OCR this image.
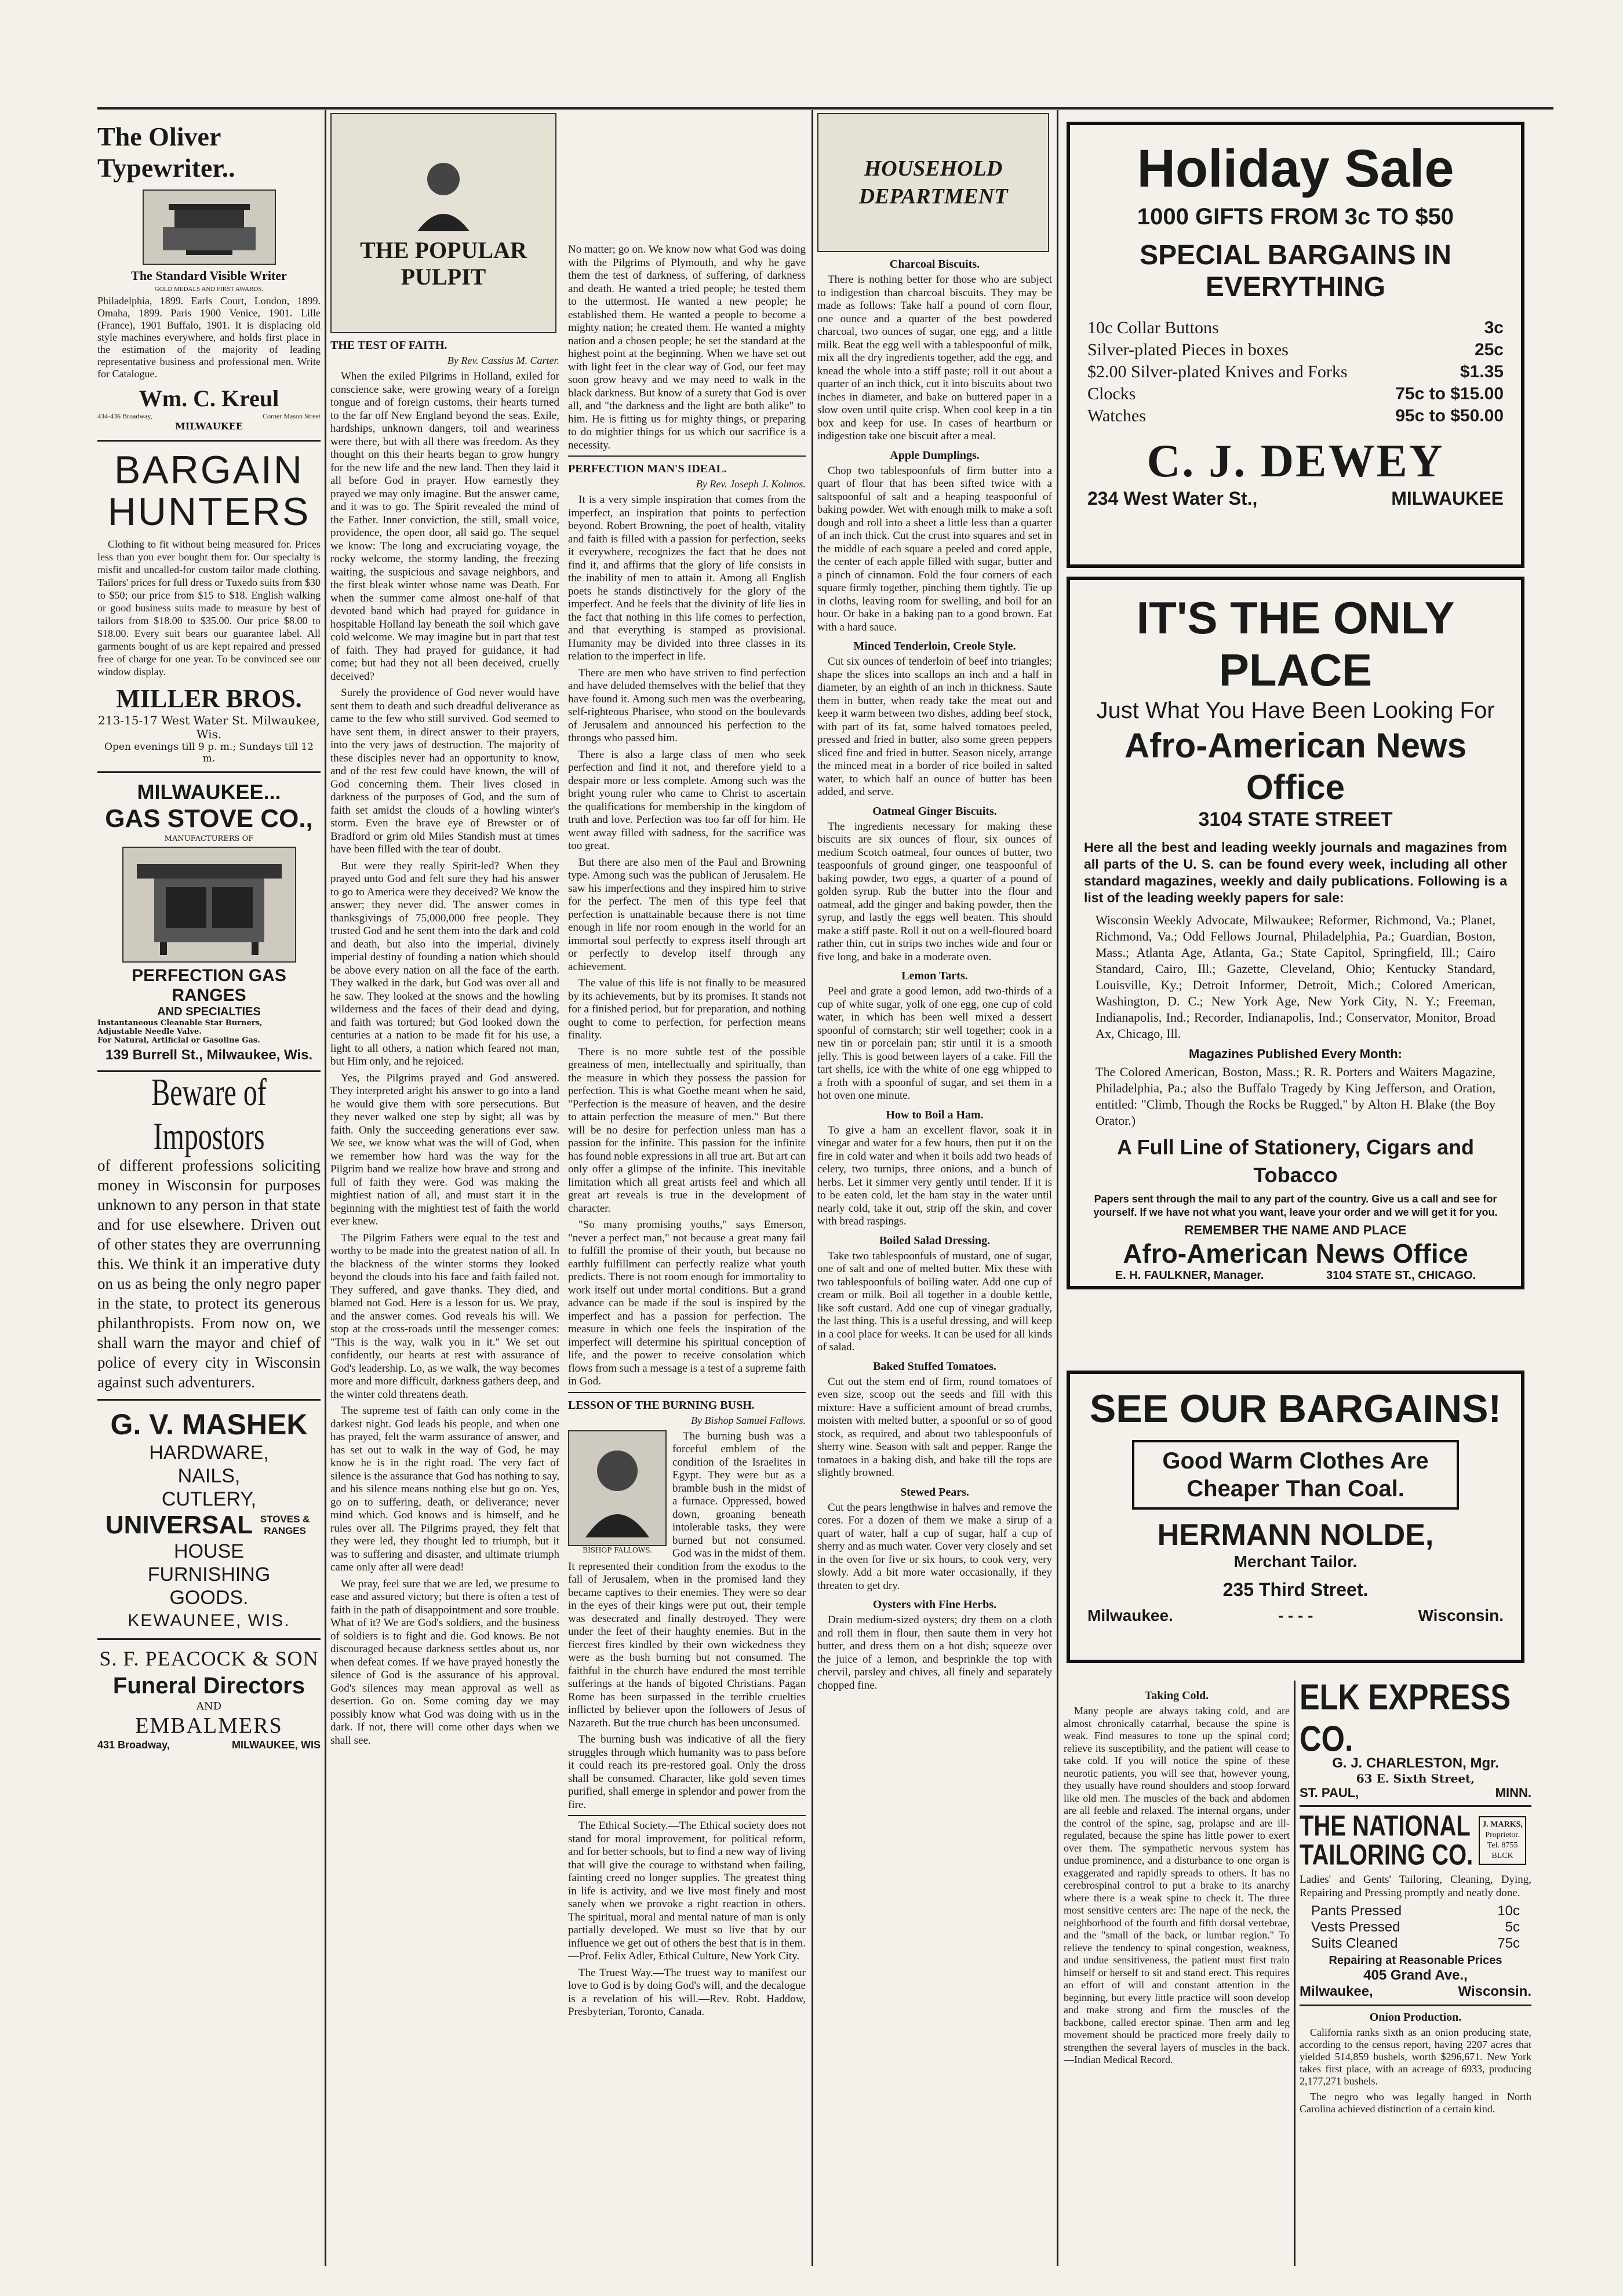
The Oliver Typewriter..
The Standard Visible Writer
GOLD MEDALS AND FIRST AWARDS.

Philadelphia, 1899. Earls Court, London, 1899. Omaha, 1899. Paris 1900 Venice, 1901. Lille (France), 1901 Buffalo, 1901. It is displacing old style machines everywhere, and holds first place in the estimation of the majority of leading representative business and professional men. Write for Catalogue.

Wm. C. Kreul
434-436 Broadway,	Corner Mason Street
MILWAUKEE
BARGAIN
HUNTERS

Clothing to fit without being measured for. Prices less than you ever bought them for. Our specialty is misfit and uncalled-for custom tailor made clothing. Tailors' prices for full dress or Tuxedo suits from $30 to $50; our price from $15 to $18. English walking or good business suits made to measure by best of tailors from $18.00 to $35.00. Our price $8.00 to $18.00. Every suit bears our guarantee label. All garments bought of us are kept repaired and pressed free of charge for one year. To be convinced see our window display.

MILLER BROS.
213-15-17 West Water St. Milwaukee, Wis.
Open evenings till 9 p. m.; Sundays till 12 m.
MILWAUKEE...
GAS STOVE CO.,
MANUFACTURERS OF
PERFECTION GAS RANGES
AND SPECIALTIES
Instantaneous Cleanable Star Burners,
Adjustable Needle Valve.
For Natural, Artificial or Gasoline Gas.
139 Burrell St., Milwaukee, Wis.
Beware of Impostors

of different professions soliciting money in Wisconsin for purposes unknown to any person in that state and for use elsewhere. Driven out of other states they are overrunning this. We think it an imperative duty on us as being the only negro paper in the state, to protect its generous philanthropists. From now on, we shall warn the mayor and chief of police of every city in Wisconsin against such adventurers.

G. V. MASHEK
HARDWARE,
NAILS,
CUTLERY,
UNIVERSAL STOVES & RANGES
HOUSE
FURNISHING
GOODS.
KEWAUNEE, WIS.
S. F. PEACOCK & SON
Funeral Directors
AND
EMBALMERS
431 Broadway,	MILWAUKEE, WIS
THE POPULAR PULPIT
THE TEST OF FAITH.
By Rev. Cassius M. Carter.

When the exiled Pilgrims in Holland, exiled for conscience sake, were growing weary of a foreign tongue and of foreign customs, their hearts turned to the far off New England beyond the seas. Exile, hardships, unknown dangers, toil and weariness were there, but with all there was freedom. As they thought on this their hearts began to grow hungry for the new life and the new land. Then they laid it all before God in prayer. How earnestly they prayed we may only imagine. But the answer came, and it was to go. The Spirit revealed the mind of the Father. Inner conviction, the still, small voice, providence, the open door, all said go. The sequel we know: The long and excruciating voyage, the rocky welcome, the stormy landing, the freezing waiting, the suspicious and savage neighbors, and the first bleak winter whose name was Death. For when the summer came almost one-half of that devoted band which had prayed for guidance in hospitable Holland lay beneath the soil which gave cold welcome. We may imagine but in part that test of faith. They had prayed for guidance, it had come; but had they not all been deceived, cruelly deceived?

Surely the providence of God never would have sent them to death and such dreadful deliverance as came to the few who still survived. God seemed to have sent them, in direct answer to their prayers, into the very jaws of destruction. The majority of these disciples never had an opportunity to know, and of the rest few could have known, the will of God concerning them. Their lives closed in darkness of the purposes of God, and the sum of faith set amidst the clouds of a howling winter's storm. Even the brave eye of Brewster or of Bradford or grim old Miles Standish must at times have been filled with the tear of doubt.

But were they really Spirit-led? When they prayed unto God and felt sure they had his answer to go to America were they deceived? We know the answer; they never did. The answer comes in thanksgivings of 75,000,000 free people. They trusted God and he sent them into the dark and cold and death, but also into the imperial, divinely imperial destiny of founding a nation which should be above every nation on all the face of the earth. They walked in the dark, but God was over all and he saw. They looked at the snows and the howling wilderness and the faces of their dead and dying, and faith was tortured; but God looked down the centuries at a nation to be made fit for his use, a light to all others, a nation which feared not man, but Him only, and he rejoiced.

Yes, the Pilgrims prayed and God answered. They interpreted aright his answer to go into a land he would give them with sore persecutions. But they never walked one step by sight; all was by faith. Only the succeeding generations ever saw. We see, we know what was the will of God, when we remember how hard was the way for the Pilgrim band we realize how brave and strong and full of faith they were. God was making the mightiest nation of all, and must start it in the beginning with the mightiest test of faith the world ever knew.

The Pilgrim Fathers were equal to the test and worthy to be made into the greatest nation of all. In the blackness of the winter storms they looked beyond the clouds into his face and faith failed not. They suffered, and gave thanks. They died, and blamed not God. Here is a lesson for us. We pray, and the answer comes. God reveals his will. We stop at the cross-roads until the messenger comes: "This is the way, walk you in it." We set out confidently, our hearts at rest with assurance of God's leadership. Lo, as we walk, the way becomes more and more difficult, darkness gathers deep, and the winter cold threatens death.

The supreme test of faith can only come in the darkest night. God leads his people, and when one has prayed, felt the warm assurance of answer, and has set out to walk in the way of God, he may know he is in the right road. The very fact of silence is the assurance that God has nothing to say, and his silence means nothing else but go on. Yes, go on to suffering, death, or deliverance; never mind which. God knows and is himself, and he rules over all. The Pilgrims prayed, they felt that they were led, they thought led to triumph, but it was to suffering and disaster, and ultimate triumph came only after all were dead!

We pray, feel sure that we are led, we presume to ease and assured victory; but there is often a test of faith in the path of disappointment and sore trouble. What of it? We are God's soldiers, and the business of soldiers is to fight and die. God knows. Be not discouraged because darkness settles about us, nor when defeat comes. If we have prayed honestly the silence of God is the assurance of his approval. God's silences may mean approval as well as desertion. Go on. Some coming day we may possibly know what God was doing with us in the dark. If not, there will come other days when we shall see.

No matter; go on. We know now what God was doing with the Pilgrims of Plymouth, and why he gave them the test of darkness, of suffering, of darkness and death. He wanted a tried people; he tested them to the uttermost. He wanted a new people; he established them. He wanted a people to become a mighty nation; he created them. He wanted a mighty nation and a chosen people; he set the standard at the highest point at the beginning. When we have set out with light feet in the clear way of God, our feet may soon grow heavy and we may need to walk in the black darkness. But know of a surety that God is over all, and "the darkness and the light are both alike" to him. He is fitting us for mighty things, or preparing to do mightier things for us which our sacrifice is a necessity.

PERFECTION MAN'S IDEAL.
By Rev. Joseph J. Kolmos.

It is a very simple inspiration that comes from the imperfect, an inspiration that points to perfection beyond. Robert Browning, the poet of health, vitality and faith is filled with a passion for perfection, seeks it everywhere, recognizes the fact that he does not find it, and affirms that the glory of life consists in the inability of men to attain it. Among all English poets he stands distinctively for the glory of the imperfect. And he feels that the divinity of life lies in the fact that nothing in this life comes to perfection, and that everything is stamped as provisional. Humanity may be divided into three classes in its relation to the imperfect in life.

There are men who have striven to find perfection and have deluded themselves with the belief that they have found it. Among such men was the overbearing, self-righteous Pharisee, who stood on the boulevards of Jerusalem and announced his perfection to the throngs who passed him.

There is also a large class of men who seek perfection and find it not, and therefore yield to a despair more or less complete. Among such was the bright young ruler who came to Christ to ascertain the qualifications for membership in the kingdom of truth and love. Perfection was too far off for him. He went away filled with sadness, for the sacrifice was too great.

But there are also men of the Paul and Browning type. Among such was the publican of Jerusalem. He saw his imperfections and they inspired him to strive for the perfect. The men of this type feel that perfection is unattainable because there is not time enough in life nor room enough in the world for an immortal soul perfectly to express itself through art or perfectly to develop itself through any achievement.

The value of this life is not finally to be measured by its achievements, but by its promises. It stands not for a finished period, but for preparation, and nothing ought to come to perfection, for perfection means finality.

There is no more subtle test of the possible greatness of men, intellectually and spiritually, than the measure in which they possess the passion for perfection. This is what Goethe meant when he said, "Perfection is the measure of heaven, and the desire to attain perfection the measure of men." But there will be no desire for perfection unless man has a passion for the infinite. This passion for the infinite has found noble expressions in all true art. But art can only offer a glimpse of the infinite. This inevitable limitation which all great artists feel and which all great art reveals is true in the development of character.

"So many promising youths," says Emerson, "never a perfect man," not because a great many fail to fulfill the promise of their youth, but because no earthly fulfillment can perfectly realize what youth predicts. There is not room enough for immortality to work itself out under mortal conditions. But a grand advance can be made if the soul is inspired by the imperfect and has a passion for perfection. The measure in which one feels the inspiration of the imperfect will determine his spiritual conception of life, and the power to receive consolation which flows from such a message is a test of a supreme faith in God.

LESSON OF THE BURNING BUSH.
By Bishop Samuel Fallows.
BISHOP FALLOWS.

The burning bush was a forceful emblem of the condition of the Israelites in Egypt. They were but as a bramble bush in the midst of a furnace. Oppressed, bowed down, groaning beneath intolerable tasks, they were burned but not consumed. God was in the midst of them. It represented their condition from the exodus to the fall of Jerusalem, when in the promised land they became captives to their enemies. They were so dear in the eyes of their kings were put out, their temple was desecrated and finally destroyed. They were under the feet of their haughty enemies. But in the fiercest fires kindled by their own wickedness they were as the bush burning but not consumed. The faithful in the church have endured the most terrible sufferings at the hands of bigoted Christians. Pagan Rome has been surpassed in the terrible cruelties inflicted by believer upon the followers of Jesus of Nazareth. But the true church has been unconsumed.

The burning bush was indicative of all the fiery struggles through which humanity was to pass before it could reach its pre-restored goal. Only the dross shall be consumed. Character, like gold seven times purified, shall emerge in splendor and power from the fire.

The Ethical Society.—The Ethical society does not stand for moral improvement, for political reform, and for better schools, but to find a new way of living that will give the courage to withstand when failing, fainting creed no longer supplies. The greatest thing in life is activity, and we live most finely and most sanely when we provoke a right reaction in others. The spiritual, moral and mental nature of man is only partially developed. We must so live that by our influence we get out of others the best that is in them.—Prof. Felix Adler, Ethical Culture, New York City.

The Truest Way.—The truest way to manifest our love to God is by doing God's will, and the decalogue is a revelation of his will.—Rev. Robt. Haddow, Presbyterian, Toronto, Canada.

HOUSEHOLD DEPARTMENT
Charcoal Biscuits.

There is nothing better for those who are subject to indigestion than charcoal biscuits. They may be made as follows: Take half a pound of corn flour, one ounce and a quarter of the best powdered charcoal, two ounces of sugar, one egg, and a little milk. Beat the egg well with a tablespoonful of milk, mix all the dry ingredients together, add the egg, and knead the whole into a stiff paste; roll it out about a quarter of an inch thick, cut it into biscuits about two inches in diameter, and bake on buttered paper in a slow oven until quite crisp. When cool keep in a tin box and keep for use. In cases of heartburn or indigestion take one biscuit after a meal.

Apple Dumplings.

Chop two tablespoonfuls of firm butter into a quart of flour that has been sifted twice with a saltspoonful of salt and a heaping teaspoonful of baking powder. Wet with enough milk to make a soft dough and roll into a sheet a little less than a quarter of an inch thick. Cut the crust into squares and set in the middle of each square a peeled and cored apple, the center of each apple filled with sugar, butter and a pinch of cinnamon. Fold the four corners of each square firmly together, pinching them tightly. Tie up in cloths, leaving room for swelling, and boil for an hour. Or bake in a baking pan to a good brown. Eat with a hard sauce.

Minced Tenderloin, Creole Style.

Cut six ounces of tenderloin of beef into triangles; shape the slices into scallops an inch and a half in diameter, by an eighth of an inch in thickness. Saute them in butter, when ready take the meat out and keep it warm between two dishes, adding beef stock, with part of its fat, some halved tomatoes peeled, pressed and fried in butter, also some green peppers sliced fine and fried in butter. Season nicely, arrange the minced meat in a border of rice boiled in salted water, to which half an ounce of butter has been added, and serve.

Oatmeal Ginger Biscuits.

The ingredients necessary for making these biscuits are six ounces of flour, six ounces of medium Scotch oatmeal, four ounces of butter, two teaspoonfuls of ground ginger, one teaspoonful of baking powder, two eggs, a quarter of a pound of golden syrup. Rub the butter into the flour and oatmeal, add the ginger and baking powder, then the syrup, and lastly the eggs well beaten. This should make a stiff paste. Roll it out on a well-floured board rather thin, cut in strips two inches wide and four or five long, and bake in a moderate oven.

Lemon Tarts.

Peel and grate a good lemon, add two-thirds of a cup of white sugar, yolk of one egg, one cup of cold water, in which has been well mixed a dessert spoonful of cornstarch; stir well together; cook in a new tin or porcelain pan; stir until it is a smooth jelly. This is good between layers of a cake. Fill the tart shells, ice with the white of one egg whipped to a froth with a spoonful of sugar, and set them in a hot oven one minute.

How to Boil a Ham.

To give a ham an excellent flavor, soak it in vinegar and water for a few hours, then put it on the fire in cold water and when it boils add two heads of celery, two turnips, three onions, and a bunch of herbs. Let it simmer very gently until tender. If it is to be eaten cold, let the ham stay in the water until nearly cold, take it out, strip off the skin, and cover with bread raspings.

Boiled Salad Dressing.

Take two tablespoonfuls of mustard, one of sugar, one of salt and one of melted butter. Mix these with two tablespoonfuls of boiling water. Add one cup of cream or milk. Boil all together in a double kettle, like soft custard. Add one cup of vinegar gradually, the last thing. This is a useful dressing, and will keep in a cool place for weeks. It can be used for all kinds of salad.

Baked Stuffed Tomatoes.

Cut out the stem end of firm, round tomatoes of even size, scoop out the seeds and fill with this mixture: Have a sufficient amount of bread crumbs, moisten with melted butter, a spoonful or so of good stock, as required, and about two tablespoonfuls of sherry wine. Season with salt and pepper. Range the tomatoes in a baking dish, and bake till the tops are slightly browned.

Stewed Pears.

Cut the pears lengthwise in halves and remove the cores. For a dozen of them we make a sirup of a quart of water, half a cup of sugar, half a cup of sherry and as much water. Cover very closely and set in the oven for five or six hours, to cook very, very slowly. Add a bit more water occasionally, if they threaten to get dry.

Oysters with Fine Herbs.

Drain medium-sized oysters; dry them on a cloth and roll them in flour, then saute them in very hot butter, and dress them on a hot dish; squeeze over the juice of a lemon, and besprinkle the top with chervil, parsley and chives, all finely and separately chopped fine.

Holiday Sale
1000 GIFTS FROM 3c TO $50
SPECIAL BARGAINS IN EVERYTHING
10c Collar Buttons	3c
Silver-plated Pieces in boxes	25c
$2.00 Silver-plated Knives and Forks	$1.35
Clocks	75c to $15.00
Watches	95c to $50.00
C. J. DEWEY
234 West Water St.,	MILWAUKEE
IT'S THE ONLY PLACE
Just What You Have Been Looking For
Afro-American News Office
3104 STATE STREET

Here all the best and leading weekly journals and magazines from all parts of the U. S. can be found every week, including all other standard magazines, weekly and daily publications. Following is a list of the leading weekly papers for sale:

Wisconsin Weekly Advocate, Milwaukee; Reformer, Richmond, Va.; Planet, Richmond, Va.; Odd Fellows Journal, Philadelphia, Pa.; Guardian, Boston, Mass.; Atlanta Age, Atlanta, Ga.; State Capitol, Springfield, Ill.; Cairo Standard, Cairo, Ill.; Gazette, Cleveland, Ohio; Kentucky Standard, Louisville, Ky.; Detroit Informer, Detroit, Mich.; Colored American, Washington, D. C.; New York Age, New York City, N. Y.; Freeman, Indianapolis, Ind.; Recorder, Indianapolis, Ind.; Conservator, Monitor, Broad Ax, Chicago, Ill.

Magazines Published Every Month:

The Colored American, Boston, Mass.; R. R. Porters and Waiters Magazine, Philadelphia, Pa.; also the Buffalo Tragedy by King Jefferson, and Oration, entitled: "Climb, Though the Rocks be Rugged," by Alton H. Blake (the Boy Orator.)

A Full Line of Stationery, Cigars and Tobacco

Papers sent through the mail to any part of the country. Give us a call and see for yourself. If we have not what you want, leave your order and we will get it for you.

REMEMBER THE NAME AND PLACE
Afro-American News Office
E. H. FAULKNER, Manager.	3104 STATE ST., CHICAGO.
SEE OUR BARGAINS!
Good Warm Clothes Are Cheaper Than Coal.
HERMANN NOLDE,
Merchant Tailor.
235 Third Street.
Milwaukee.	- - - -	Wisconsin.
Taking Cold.

Many people are always taking cold, and are almost chronically catarrhal, because the spine is weak. Find measures to tone up the spinal cord; relieve its susceptibility, and the patient will cease to take cold. If you will notice the spine of these neurotic patients, you will see that, however young, they usually have round shoulders and stoop forward like old men. The muscles of the back and abdomen are all feeble and relaxed. The internal organs, under the control of the spine, sag, prolapse and are ill-regulated, because the spine has little power to exert over them. The sympathetic nervous system has undue prominence, and a disturbance to one organ is exaggerated and rapidly spreads to others. It has no cerebrospinal control to put a brake to its anarchy where there is a weak spine to check it. The three most sensitive centers are: The nape of the neck, the neighborhood of the fourth and fifth dorsal vertebrae, and the "small of the back, or lumbar region." To relieve the tendency to spinal congestion, weakness, and undue sensitiveness, the patient must first train himself or herself to sit and stand erect. This requires an effort of will and constant attention in the beginning, but every little practice will soon develop and make strong and firm the muscles of the backbone, called erector spinae. Then arm and leg movement should be practiced more freely daily to strengthen the several layers of muscles in the back.—Indian Medical Record.

ELK EXPRESS CO.
G. J. CHARLESTON, Mgr.
63 E. Sixth Street,
ST. PAUL,	MINN.
THE NATIONAL
TAILORING CO.
J. MARKS,
Proprietor.
Tel. 8755
BLCK

Ladies' and Gents' Tailoring, Cleaning, Dying, Repairing and Pressing promptly and neatly done.

Pants Pressed	10c
Vests Pressed	5c
Suits Cleaned	75c
Repairing at Reasonable Prices
405 Grand Ave.,
Milwaukee,	Wisconsin.
Onion Production.

California ranks sixth as an onion producing state, according to the census report, having 2207 acres that yielded 514,859 bushels, worth $296,671. New York takes first place, with an acreage of 6933, producing 2,177,271 bushels.

The negro who was legally hanged in North Carolina achieved distinction of a certain kind.
